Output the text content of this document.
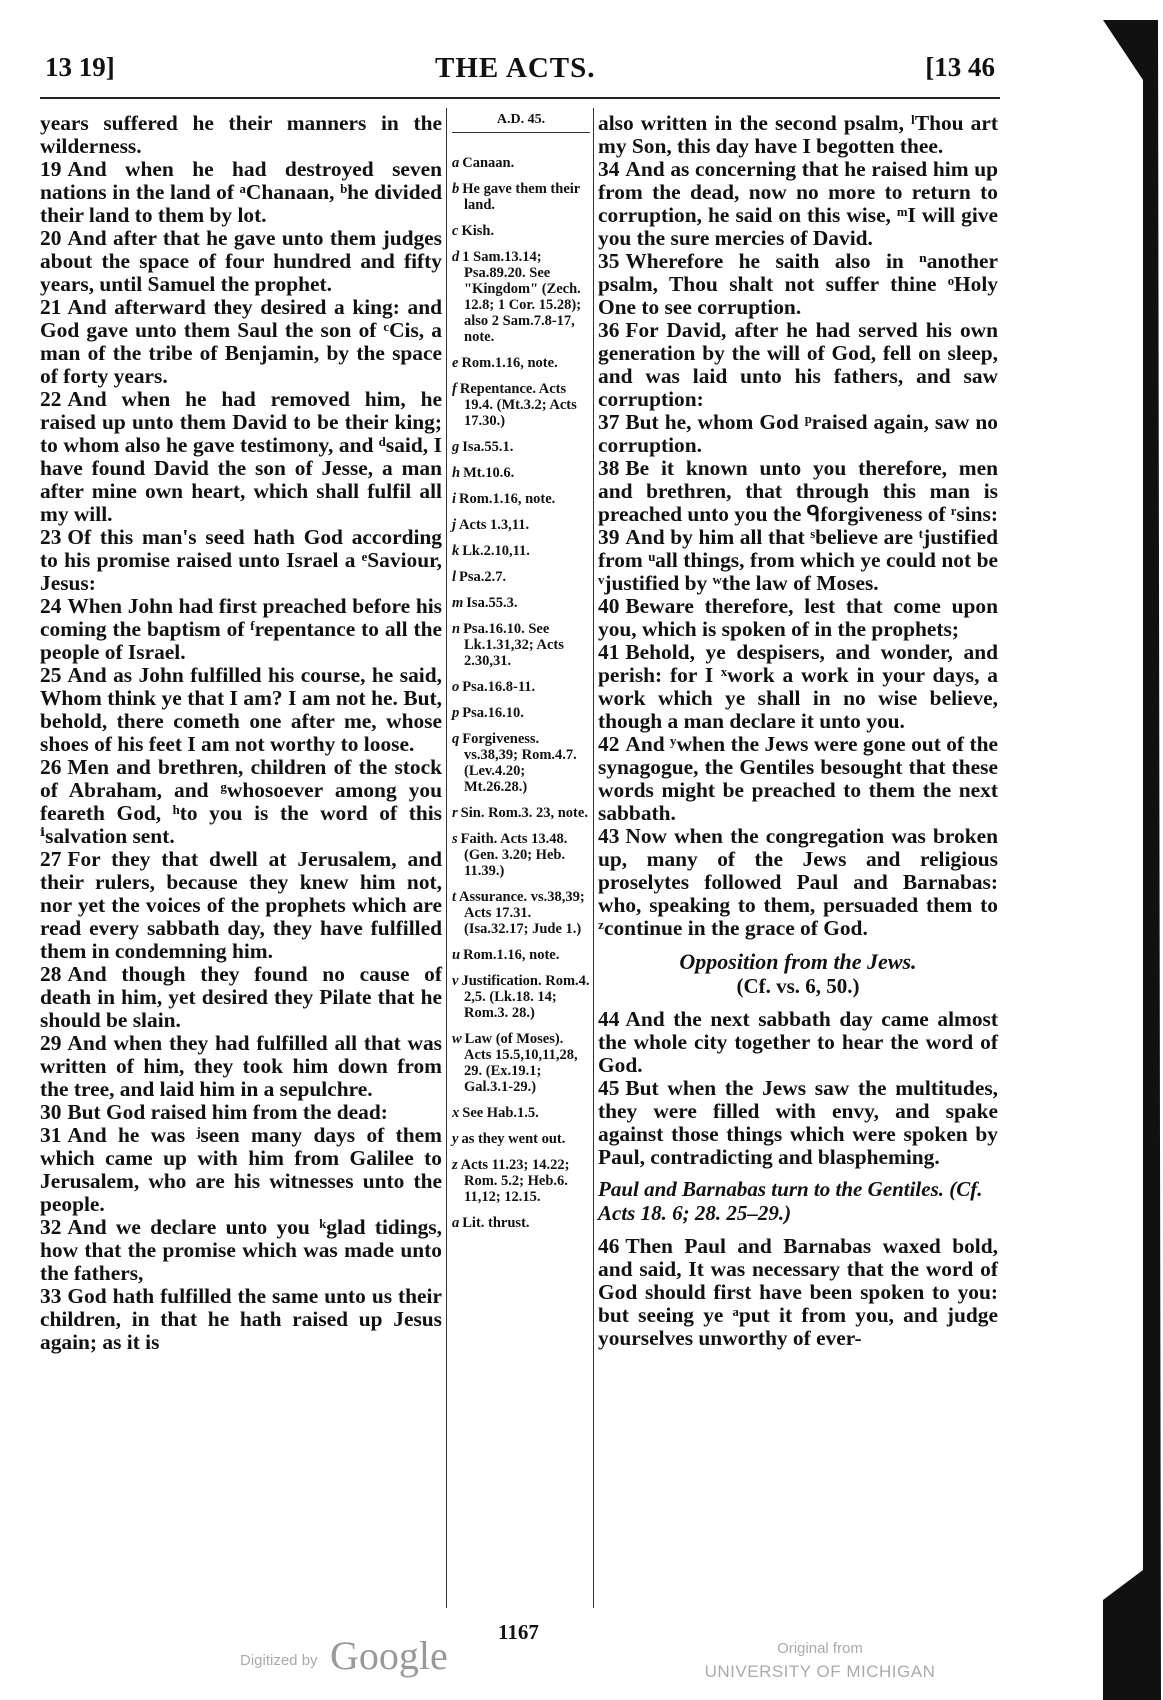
13 19]	THE ACTS.	[13 46

years suffered he their manners in the wilderness.

19 And when he had destroyed seven nations in the land of ᵃChanaan, ᵇhe divided their land to them by lot.

20 And after that he gave unto them judges about the space of four hundred and fifty years, until Samuel the prophet.

21 And afterward they desired a king: and God gave unto them Saul the son of ᶜCis, a man of the tribe of Benjamin, by the space of forty years.

22 And when he had removed him, he raised up unto them David to be their king; to whom also he gave testimony, and ᵈsaid, I have found David the son of Jesse, a man after mine own heart, which shall fulfil all my will.

23 Of this man's seed hath God according to his promise raised unto Israel a ᵉSaviour, Jesus:

24 When John had first preached before his coming the baptism of ᶠrepentance to all the people of Israel.

25 And as John fulfilled his course, he said, Whom think ye that I am? I am not he. But, behold, there cometh one after me, whose shoes of his feet I am not worthy to loose.

26 Men and brethren, children of the stock of Abraham, and ᵍwhosoever among you feareth God, ʰto you is the word of this ⁱsalvation sent.

27 For they that dwell at Jerusalem, and their rulers, because they knew him not, nor yet the voices of the prophets which are read every sabbath day, they have fulfilled them in condemning him.

28 And though they found no cause of death in him, yet desired they Pilate that he should be slain.

29 And when they had fulfilled all that was written of him, they took him down from the tree, and laid him in a sepulchre.

30 But God raised him from the dead:

31 And he was ʲseen many days of them which came up with him from Galilee to Jerusalem, who are his witnesses unto the people.

32 And we declare unto you ᵏglad tidings, how that the promise which was made unto the fathers,

33 God hath fulfilled the same unto us their children, in that he hath raised up Jesus again; as it is

A.D. 45.
a Canaan.
b He gave them their land.
c Kish.
d 1 Sam.13.14; Psa.89.20. See "Kingdom" (Zech. 12.8; 1 Cor. 15.28); also 2 Sam.7.8-17, note.
e Rom.1.16, note.
f Repentance. Acts 19.4. (Mt.3.2; Acts 17.30.)
g Isa.55.1.
h Mt.10.6.
i Rom.1.16, note.
j Acts 1.3,11.
k Lk.2.10,11.
l Psa.2.7.
m Isa.55.3.
n Psa.16.10. See Lk.1.31,32; Acts 2.30,31.
o Psa.16.8-11.
p Psa.16.10.
q Forgiveness. vs.38,39; Rom.4.7. (Lev.4.20; Mt.26.28.)
r Sin. Rom.3. 23, note.
s Faith. Acts 13.48. (Gen. 3.20; Heb. 11.39.)
t Assurance. vs.38,39; Acts 17.31. (Isa.32.17; Jude 1.)
u Rom.1.16, note.
v Justification. Rom.4. 2,5. (Lk.18. 14; Rom.3. 28.)
w Law (of Moses). Acts 15.5,10,11,28, 29. (Ex.19.1; Gal.3.1-29.)
x See Hab.1.5.
y as they went out.
z Acts 11.23; 14.22; Rom. 5.2; Heb.6. 11,12; 12.15.
a Lit. thrust.

also written in the second psalm, ˡThou art my Son, this day have I begotten thee.

34 And as concerning that he raised him up from the dead, now no more to return to corruption, he said on this wise, ᵐI will give you the sure mercies of David.

35 Wherefore he saith also in ⁿanother psalm, Thou shalt not suffer thine ᵒHoly One to see corruption.

36 For David, after he had served his own generation by the will of God, fell on sleep, and was laid unto his fathers, and saw corruption:

37 But he, whom God ᵖraised again, saw no corruption.

38 Be it known unto you therefore, men and brethren, that through this man is preached unto you the ᑫforgiveness of ʳsins:

39 And by him all that ˢbelieve are ᵗjustified from ᵘall things, from which ye could not be ᵛjustified by ʷthe law of Moses.

40 Beware therefore, lest that come upon you, which is spoken of in the prophets;

41 Behold, ye despisers, and wonder, and perish: for I ˣwork a work in your days, a work which ye shall in no wise believe, though a man declare it unto you.

42 And ʸwhen the Jews were gone out of the synagogue, the Gentiles besought that these words might be preached to them the next sabbath.

43 Now when the congregation was broken up, many of the Jews and religious proselytes followed Paul and Barnabas: who, speaking to them, persuaded them to ᶻcontinue in the grace of God.

Opposition from the Jews.
(Cf. vs. 6, 50.)

44 And the next sabbath day came almost the whole city together to hear the word of God.

45 But when the Jews saw the multitudes, they were filled with envy, and spake against those things which were spoken by Paul, contradicting and blaspheming.

Paul and Barnabas turn to the Gentiles. (Cf. Acts 18. 6; 28. 25–29.)

46 Then Paul and Barnabas waxed bold, and said, It was necessary that the word of God should first have been spoken to you: but seeing ye ᵃput it from you, and judge yourselves unworthy of ever-

1167
Digitized by Google	Original from
UNIVERSITY OF MICHIGAN
